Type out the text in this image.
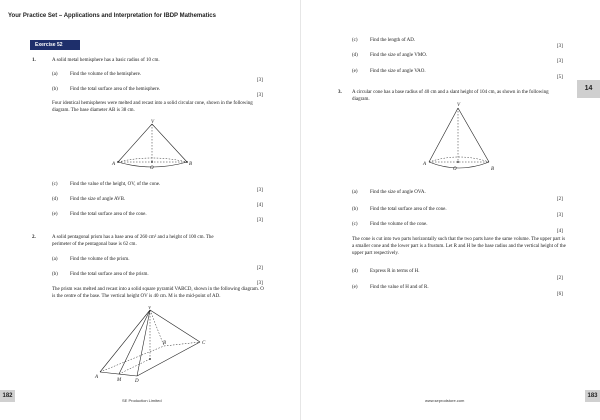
Your Practice Set – Applications and Interpretation for IBDP Mathematics
Exercise 52
1.	A solid metal hemisphere has a basic radius of 10 cm.
(a) Find the volume of the hemisphere.
[3]
(b) Find the total surface area of the hemisphere.
[3]
Four identical hemispheres were melted and recast into a solid circular cone, shown in the following diagram. The base diameter AB is 38 cm.
V
A
O
B
(c) Find the value of the height, OV, of the cone.
[3]
(d) Find the size of angle AVB.
[4]
(e) Find the total surface area of the cone.
[3]
2.	A solid pentagonal prism has a base area of 260 cm² and a height of 100 cm. The
perimeter of the pentagonal base is 62 cm.
(a) Find the volume of the prism.
[2]
(b) Find the total surface area of the prism.
[3]
The prism was melted and recast into a solid square pyramid VABCD, shown in the following diagram. O is the centre of the base. The vertical height OV is 40 cm. M is the mid-point of AD.
V
A
M	D
C
B
182
SE Production Limited
(c) Find the length of AD.
[3]
(d) Find the size of angle VMO.
[3]
(e) Find the size of angle VAO.
[5]
3. A circular cone has a base radius of 40 cm and a slant height of 104 cm, as shown in the following diagram.
V
A
O	B
(a) Find the size of angle OVA.
[2]
(b) Find the total surface area of the cone.
[3]
(c) Find the volume of the cone.
[4]
The cone is cut into two parts horizontally such that the two parts have the same volume. The upper part is a smaller cone and the lower part is a frustum. Let R and H be the base radius and the vertical height of the upper part respectively.
(d) Express R in terms of H.
[2]
(e) Find the value of H and of R.
[6]
14
183
www.seprodstore.com
